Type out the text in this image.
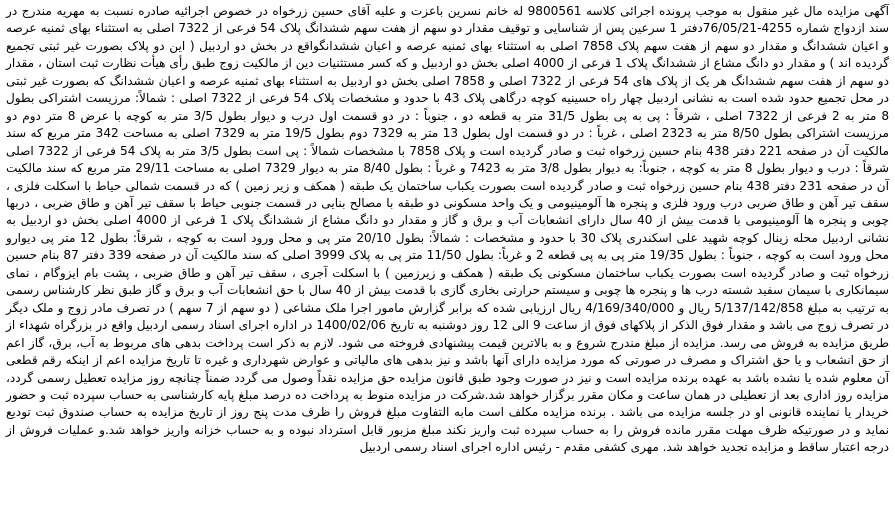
آگهی مزایده مال غیر منقول به موجب پرونده اجرائی کلاسه 9800561 له خانم نسرین باعزت و علیه آقای حسین زرخواه در خصوص اجرائیه صادره نسبت به مهریه مندرج در سند ازدواج شماره 4255-76/05/21دفتر 1 سرعین پس از شناسایی و توقیف مقدار دو سهم از هفت سهم ششدانگ پلاک 54 فرعی از 7322 اصلی به استثناء بهای ثمنیه عرصه و اعیان ششدانگ و مقدار دو سهم از هفت سهم پلاک 7858 اصلی به استثناء بهای ثمنیه عرصه و اعیان ششدانگواقع در بخش دو اردبیل ( این دو پلاک بصورت غیر ثبتی تجمیع گردیده اند ) و مقدار دو دانگ مشاع از ششدانگ پلاک 1 فرعی از 4000 اصلی بخش دو اردبیل و که کسر مستثنیات دین از مالکیت زوج طبق رأی هیأت نظارت ثبت استان ، مقدار دو سهم از هفت سهم ششدانگ هر یک از پلاک های 54 فرعی از 7322 اصلی و 7858 اصلی بخش دو اردبیل به استثناء بهای ثمنیه عرصه و اعیان ششدانگ که بصورت غیر ثبتی در محل تجمیع حدود شده است به نشانی اردبیل چهار راه حسینیه کوچه درگاهی پلاک 43 با حدود و مشخصات پلاک 54 فرعی از 7322 اصلی : شمالاً: مرزیست اشتراکی بطول 8 متر به 2 فرعی از 7322 اصلی ، شرقاً : پی به پی بطول 31/5 متر به قطعه دو ، جنوباً : در دو قسمت اول درب و دیوار بطول 3/5 متر به کوچه با عرض 8 متر دوم دو مرزیست اشتراکی بطول 8/50 متر به 2323 اصلی ، غرباً : در دو قسمت اول بطول 13 متر به 7329 دوم بطول 19/5 متر به 7329 اصلی به مساحت 342 متر مربع که سند مالکیت آن در صفحه 221 دفتر 438 بنام حسین زرخواه ثبت و صادر گردیده است و پلاک 7858 با مشخصات شمالاً : پی است بطول 3/5 متر به پلاک 54 فرعی از 7322 اصلی شرقاً : درب و دیوار بطول 8 متر به کوچه ، جنوباً: به دیوار بطول 3/8 متر به 7423 و غرباً : بطول 8/40 متر به دیوار 7329 اصلی به مساحت 29/11 متر مربع که سند مالکیت آن در صفحه 231 دفتر 438 بنام حسین زرخواه ثبت و صادر گردیده است بصورت یکباب ساختمان یک طبقه ( همکف و زیر زمین ) که در قسمت شمالی حیاط با اسکلت فلزی ، سقف تیر آهن و طاق ضربی درب ورود فلزی و پنجره ها آلومینیومی و یک واحد مسکونی دو طبقه با مصالح بنایی در قسمت جنوبی حیاط با سقف تیر آهن و طاق ضربی ، دربها چوبی و پنجره ها آلومینیومی با قدمت بیش از 40 سال دارای انشعابات آب و برق و گاز و مقدار دو دانگ مشاع از ششدانگ پلاک 1 فرعی از 4000 اصلی بخش دو اردبیل به نشانی اردبیل محله زینال کوچه شهید علی اسکندری پلاک 30 با حدود و مشخصات : شمالاً: بطول 20/10 متر پی و محل ورود است به کوچه ، شرقاً: بطول 12 متر پی دیوارو محل ورود است به کوچه ، جنوباً : بطول 19/35 متر پی به پی قطعه 2 و غرباً: بطول 11/50 متر پی به پلاک 3999 اصلی که سند مالکیت آن در صفحه 339 دفتر 87 بنام حسین زرخواه ثبت و صادر گردیده است بصورت یکباب ساختمان مسکونی یک طبقه ( همکف و زیرزمین ) با اسکلت آجری ، سقف تیر آهن و طاق ضربی ، پشت بام ایزوگام ، نمای سیمانکاری با سیمان سفید شسته درب ها و پنجره ها چوبی و سیستم حرارتی بخاری گازی با قدمت بیش از 40 سال با حق انشعابات آب و برق و گاز طبق نظر کارشناس رسمی به ترتیب به مبلغ 5/137/142/858 ریال و 4/169/340/000 ریال ارزیابی شده که برابر گزارش مامور اجرا ملک مشاعی ( دو سهم از 7 سهم ) در تصرف مادر زوج و ملک دیگر در تصرف زوج می باشد و مقدار فوق الذکر از پلاکهای فوق از ساعت 9 الی 12 روز دوشنبه به تاریخ 1400/02/06 در اداره اجرای اسناد رسمی اردبیل واقع در بزرگراه شهداء از طریق مزایده به فروش می رسد. مزایده از مبلغ مندرج شروع و به بالاترین قیمت پیشنهادی فروخته می شود. لازم به ذکر است پرداخت بدهی های مربوط به آب، برق، گاز اعم از حق انشعاب و یا حق اشتراک و مصرف در صورتی که مورد مزایده دارای آنها باشد و نیز بدهی های مالیاتی و عوارض شهرداری و غیره تا تاریخ مزایده اعم از اینکه رقم قطعی آن معلوم شده یا نشده باشد به عهده برنده مزایده است و نیز در صورت وجود طبق قانون مزایده حق مزایده نقداً وصول می گردد ضمناً چنانچه روز مزایده تعطیل رسمی گردد، مزایده روز اداری بعد از تعطیلی در همان ساعت و مکان مقرر برگزار خواهد شد.شرکت در مزایده منوط به پرداخت ده درصد مبلغ پایه کارشناسی به حساب سپرده ثبت و حضور خریدار یا نماینده قانونی او در جلسه مزایده می باشد . برنده مزایده مکلف است مابه التفاوت مبلغ فروش را ظرف مدت پنج روز از تاریخ مزایده به حساب صندوق ثبت تودیع نماید و در صورتیکه ظرف مهلت مقرر مانده فروش را به حساب سپرده ثبت واریز نکند مبلغ مزبور قابل استرداد نبوده و به حساب خزانه واریز خواهد شد.و عملیات فروش از درجه اعتبار ساقط و مزایده تجدید خواهد شد. مهری کشفی مقدم - رئیس اداره اجرای اسناد رسمی اردبیل
